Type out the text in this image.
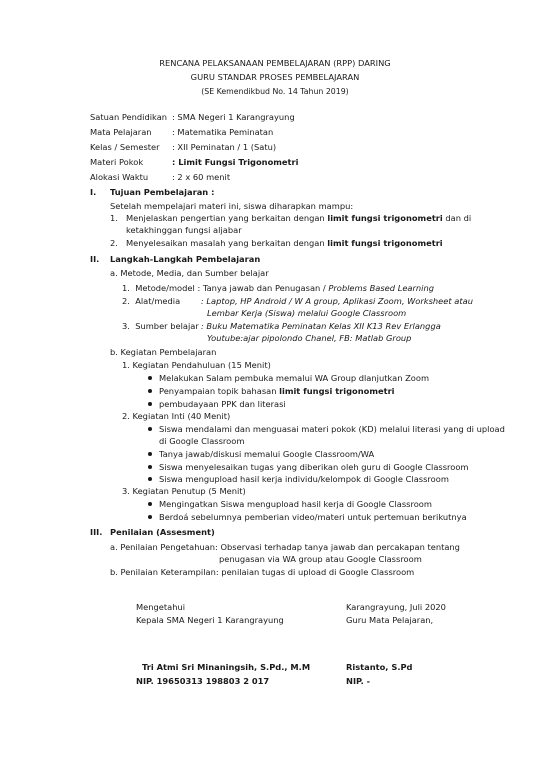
RENCANA PELAKSANAAN PEMBELAJARAN (RPP) DARING
GURU STANDAR PROSES PEMBELAJARAN
(SE Kemendikbud No. 14 Tahun 2019)
Satuan Pendidikan : SMA Negeri 1 Karangrayung
Mata Pelajaran : Matematika Peminatan
Kelas / Semester : XII Peminatan / 1 (Satu)
Materi Pokok	: Limit Fungsi Trigonometri
Alokasi Waktu	: 2 x 60 menit
I. Tujuan Pembelajaran :
Setelah mempelajari materi ini, siswa diharapkan mampu:
1. Menjelaskan pengertian yang berkaitan dengan limit fungsi trigonometri dan di
ketakhinggan fungsi aljabar
2. Menyelesaikan masalah yang berkaitan dengan limit fungsi trigonometri
II. Langkah-Langkah Pembelajaran
a. Metode, Media, dan Sumber belajar
1. Metode/model : Tanya jawab dan Penugasan / Problems Based Learning
2. Alat/media	: Laptop, HP Android / W A group, Aplikasi Zoom, Worksheet atau
Lembar Kerja (Siswa) melalui Google Classroom
3. Sumber belajar : Buku Matematika Peminatan Kelas XII K13 Rev Erlangga
Youtube:ajar pipolondo Chanel, FB: Matlab Group
b. Kegiatan Pembelajaran
1. Kegiatan Pendahuluan (15 Menit)
Melakukan Salam pembuka memalui WA Group dlanjutkan Zoom
Penyampaian topik bahasan limit fungsi trigonometri
pembudayaan PPK dan literasi
2. Kegiatan Inti (40 Menit)
Siswa mendalami dan menguasai materi pokok (KD) melalui literasi yang di upload
di Google Classroom
Tanya jawab/diskusi memalui Google Classroom/WA
Siswa menyelesaikan tugas yang diberikan oleh guru di Google Classroom
Siswa mengupload hasil kerja individu/kelompok di Google Classroom
3. Kegiatan Penutup (5 Menit)
Mengingatkan Siswa mengupload hasil kerja di Google Classroom
Berdoá sebelumnya pemberian video/materi untuk pertemuan berikutnya
III. Penilaian (Assesment)
a. Penilaian Pengetahuan: Observasi terhadap tanya jawab dan percakapan tentang
penugasan via WA group atau Google Classroom
b. Penilaian Keterampilan: penilaian tugas di upload di Google Classroom
Mengetahui
Kepala SMA Negeri 1 Karangrayung
Tri Atmi Sri Minaningsih, S.Pd., M.M
NIP. 19650313 198803 2 017
Karangrayung, Juli 2020
Guru Mata Pelajaran,
Ristanto, S.Pd
NIP. -
